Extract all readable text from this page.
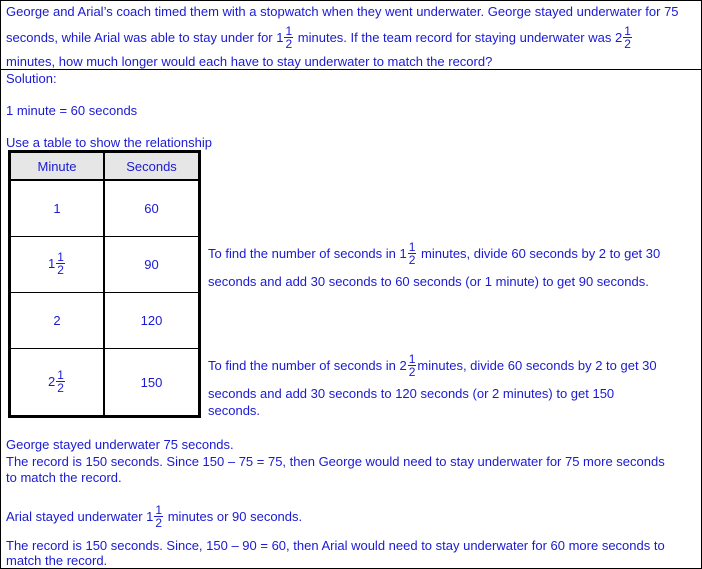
George and Arial’s coach timed them with a stopwatch when they went underwater. George stayed underwater for 75
seconds, while Arial was able to stay under for $1 \frac{1}{2}$ minutes. If the team record for staying underwater was $2 \frac{1}{2}$
minutes, how much longer would each have to stay underwater to match the record?
Solution:
1 minute = 60 seconds
Use a table to show the relationship
Minute	Seconds
1	60
$1 \frac{1}{2}$	90
2	120
$2 \frac{1}{2}$	150
To find the number of seconds in $1 \frac{1}{2}$ minutes, divide 60 seconds by 2 to get 30
seconds and add 30 seconds to 60 seconds (or 1 minute) to get 90 seconds.
To find the number of seconds in $2 \frac{1}{2}$ minutes, divide 60 seconds by 2 to get 30
seconds and add 30 seconds to 120 seconds (or 2 minutes) to get 150
seconds.
George stayed underwater 75 seconds.
The record is 150 seconds. Since 150 – 75 = 75, then George would need to stay underwater for 75 more seconds
to match the record.
Arial stayed underwater $1 \frac{1}{2}$ minutes or 90 seconds.
The record is 150 seconds. Since, 150 – 90 = 60, then Arial would need to stay underwater for 60 more seconds to
match the record.
